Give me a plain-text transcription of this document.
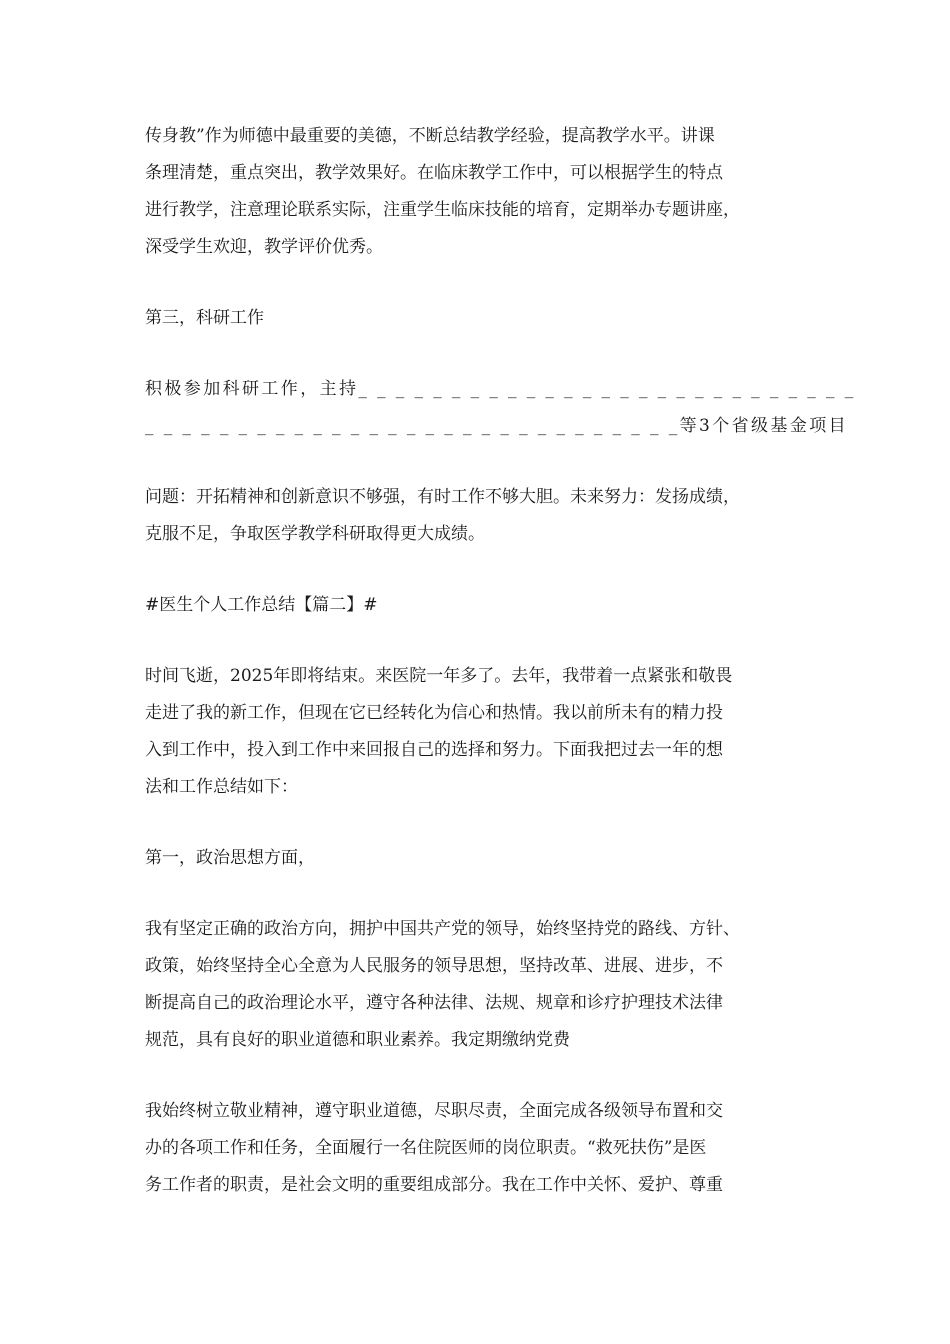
传身教”作为师德中最重要的美德，不断总结教学经验，提高教学水平。讲课
条理清楚，重点突出，教学效果好。在临床教学工作中，可以根据学生的特点
进行教学，注意理论联系实际，注重学生临床技能的培育，定期举办专题讲座，
深受学生欢迎，教学评价优秀。
第三，科研工作
积极参加科研工作，主持_ _ _ _ _ _ _ _ _ _ _ _ _ _ _ _ _ _ _ _ _ _ _ _ _ _ _
_ _ _ _ _ _ _ _ _ _ _ _ _ _ _ _ _ _ _ _ _ _ _ _ _ _ _ _ _等3个省级基金项目
问题：开拓精神和创新意识不够强，有时工作不够大胆。未来努力：发扬成绩，
克服不足，争取医学教学科研取得更大成绩。
#医生个人工作总结【篇二】#
时间飞逝，2025年即将结束。来医院一年多了。去年，我带着一点紧张和敬畏
走进了我的新工作，但现在它已经转化为信心和热情。我以前所未有的精力投
入到工作中，投入到工作中来回报自己的选择和努力。下面我把过去一年的想
法和工作总结如下：
第一，政治思想方面，
我有坚定正确的政治方向，拥护中国共产党的领导，始终坚持党的路线、方针、
政策，始终坚持全心全意为人民服务的领导思想，坚持改革、进展、进步，不
断提高自己的政治理论水平，遵守各种法律、法规、规章和诊疗护理技术法律
规范，具有良好的职业道德和职业素养。我定期缴纳党费
我始终树立敬业精神，遵守职业道德，尽职尽责，全面完成各级领导布置和交
办的各项工作和任务，全面履行一名住院医师的岗位职责。“救死扶伤”是医
务工作者的职责，是社会文明的重要组成部分。我在工作中关怀、爱护、尊重
